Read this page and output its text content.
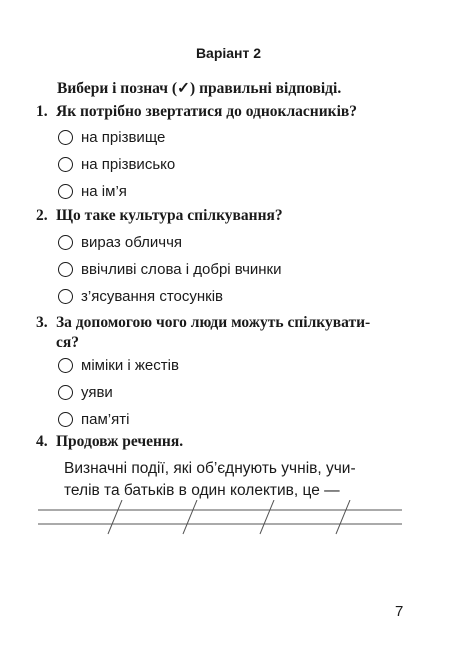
Варіант 2
Вибери і познач (✓) правильні відповіді.
1. Як потрібно звертатися до однокласників?
на прізвище
на прізвисько
на ім’я
2. Що таке культура спілкування?
вираз обличчя
ввічливі слова і добрі вчинки
з’ясування стосунків
3. За допомогою чого люди можуть спілкувати-
ся?
міміки і жестів
уяви
пам’яті
4. Продовж речення.
Визначні події, які об’єднують учнів, учи-
телів та батьків в один колектив, це —
7
